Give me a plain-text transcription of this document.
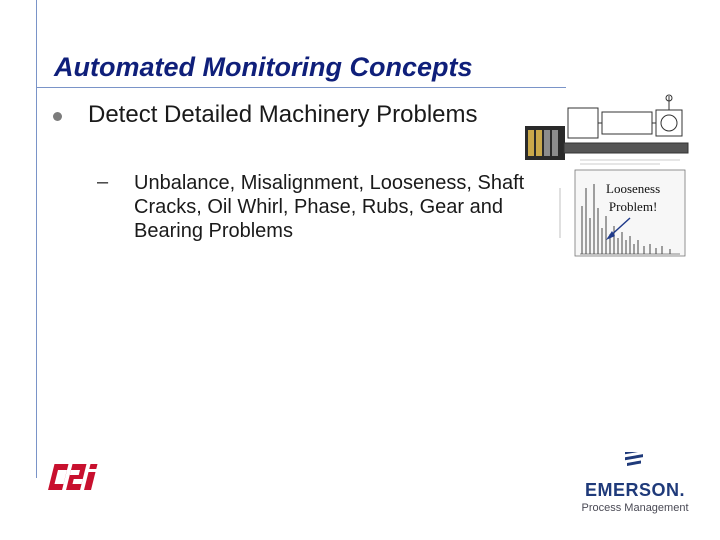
Automated Monitoring Concepts
Detect Detailed Machinery Problems
– Unbalance, Misalignment, Looseness, Shaft Cracks, Oil Whirl, Phase, Rubs, Gear and Bearing Problems
Looseness
Problem!
CSi
EMERSON.
Process Management
